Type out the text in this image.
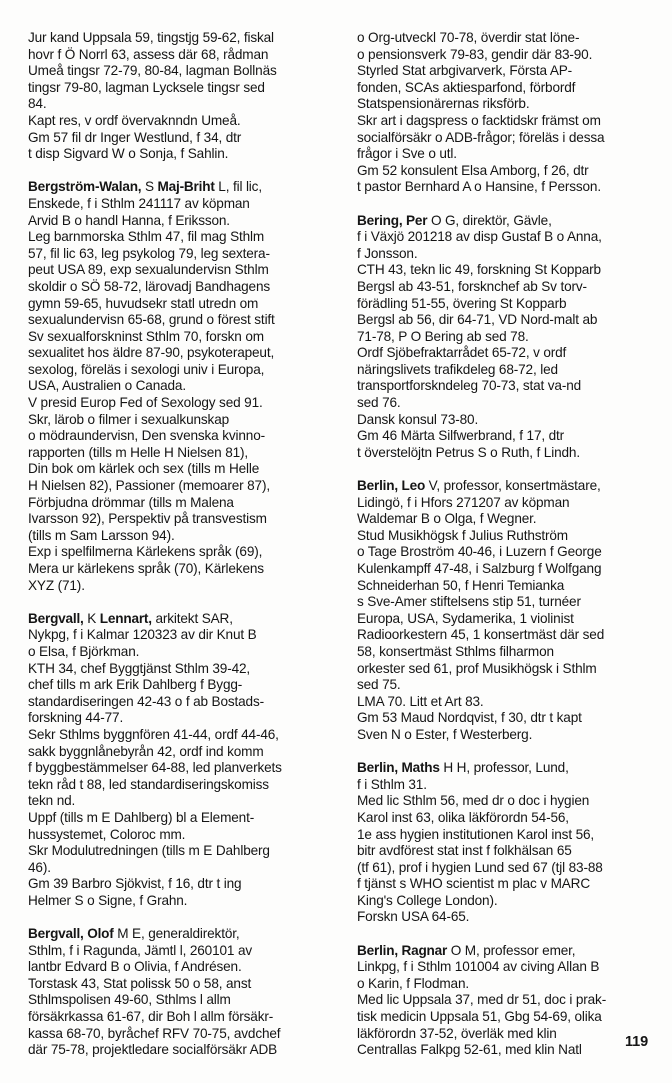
Jur kand Uppsala 59, tingstjg 59-62, fiskal
hovr f Ö Norrl 63, assess där 68, rådman
Umeå tingsr 72-79, 80-84, lagman Bollnäs
tingsr 79-80, lagman Lycksele tingsr sed
84.
Kapt res, v ordf övervaknndn Umeå.
Gm 57 fil dr Inger Westlund, f 34, dtr
t disp Sigvard W o Sonja, f Sahlin.
Bergström-Walan, S Maj-Briht L, fil lic,
Enskede, f i Sthlm 241117 av köpman
Arvid B o handl Hanna, f Eriksson.
Leg barnmorska Sthlm 47, fil mag Sthlm
57, fil lic 63, leg psykolog 79, leg sextera-
peut USA 89, exp sexualundervisn Sthlm
skoldir o SÖ 58-72, lärovadj Bandhagens
gymn 59-65, huvudsekr statl utredn om
sexualundervisn 65-68, grund o förest stift
Sv sexualforskninst Sthlm 70, forskn om
sexualitet hos äldre 87-90, psykoterapeut,
sexolog, föreläs i sexologi univ i Europa,
USA, Australien o Canada.
V presid Europ Fed of Sexology sed 91.
Skr, lärob o filmer i sexualkunskap
o mödraundervisn, Den svenska kvinno-
rapporten (tills m Helle H Nielsen 81),
Din bok om kärlek och sex (tills m Helle
H Nielsen 82), Passioner (memoarer 87),
Förbjudna drömmar (tills m Malena
Ivarsson 92), Perspektiv på transvestism
(tills m Sam Larsson 94).
Exp i spelfilmerna Kärlekens språk (69),
Mera ur kärlekens språk (70), Kärlekens
XYZ (71).
Bergvall, K Lennart, arkitekt SAR,
Nykpg, f i Kalmar 120323 av dir Knut B
o Elsa, f Björkman.
KTH 34, chef Byggtjänst Sthlm 39-42,
chef tills m ark Erik Dahlberg f Bygg-
standardiseringen 42-43 o f ab Bostads-
forskning 44-77.
Sekr Sthlms byggnfören 41-44, ordf 44-46,
sakk byggnlånebyrån 42, ordf ind komm
f byggbestämmelser 64-88, led planverkets
tekn råd t 88, led standardiseringskomiss
tekn nd.
Uppf (tills m E Dahlberg) bl a Element-
hussystemet, Coloroc mm.
Skr Modulutredningen (tills m E Dahlberg
46).
Gm 39 Barbro Sjökvist, f 16, dtr t ing
Helmer S o Signe, f Grahn.
Bergvall, Olof M E, generaldirektör,
Sthlm, f i Ragunda, Jämtl l, 260101 av
lantbr Edvard B o Olivia, f Andrésen.
Torstask 43, Stat polissk 50 o 58, anst
Sthlmspolisen 49-60, Sthlms l allm
försäkrkassa 61-67, dir Boh l allm försäkr-
kassa 68-70, byråchef RFV 70-75, avdchef
där 75-78, projektledare socialförsäkr ADB
o Org-utveckl 70-78, överdir stat löne-
o pensionsverk 79-83, gendir där 83-90.
Styrled Stat arbgivarverk, Första AP-
fonden, SCAs aktiesparfond, förbordf
Statspensionärernas riksförb.
Skr art i dagspress o facktidskr främst om
socialförsäkr o ADB-frågor; föreläs i dessa
frågor i Sve o utl.
Gm 52 konsulent Elsa Amborg, f 26, dtr
t pastor Bernhard A o Hansine, f Persson.
Bering, Per O G, direktör, Gävle,
f i Växjö 201218 av disp Gustaf B o Anna,
f Jonsson.
CTH 43, tekn lic 49, forskning St Kopparb
Bergsl ab 43-51, forsknchef ab Sv torv-
förädling 51-55, övering St Kopparb
Bergsl ab 56, dir 64-71, VD Nord-malt ab
71-78, P O Bering ab sed 78.
Ordf Sjöbefraktarrådet 65-72, v ordf
näringslivets trafikdeleg 68-72, led
transportforskndeleg 70-73, stat va-nd
sed 76.
Dansk konsul 73-80.
Gm 46 Märta Silfwerbrand, f 17, dtr
t överstelöjtn Petrus S o Ruth, f Lindh.
Berlin, Leo V, professor, konsertmästare,
Lidingö, f i Hfors 271207 av köpman
Waldemar B o Olga, f Wegner.
Stud Musikhögsk f Julius Ruthström
o Tage Broström 40-46, i Luzern f George
Kulenkampff 47-48, i Salzburg f Wolfgang
Schneiderhan 50, f Henri Temianka
s Sve-Amer stiftelsens stip 51, turnéer
Europa, USA, Sydamerika, 1 violinist
Radioorkestern 45, 1 konsertmäst där sed
58, konsertmäst Sthlms filharmon
orkester sed 61, prof Musikhögsk i Sthlm
sed 75.
LMA 70. Litt et Art 83.
Gm 53 Maud Nordqvist, f 30, dtr t kapt
Sven N o Ester, f Westerberg.
Berlin, Maths H H, professor, Lund,
f i Sthlm 31.
Med lic Sthlm 56, med dr o doc i hygien
Karol inst 63, olika läkförordn 54-56,
1e ass hygien institutionen Karol inst 56,
bitr avdförest stat inst f folkhälsan 65
(tf 61), prof i hygien Lund sed 67 (tjl 83-88
f tjänst s WHO scientist m plac v MARC
King's College London).
Forskn USA 64-65.
Berlin, Ragnar O M, professor emer,
Linkpg, f i Sthlm 101004 av civing Allan B
o Karin, f Flodman.
Med lic Uppsala 37, med dr 51, doc i prak-
tisk medicin Uppsala 51, Gbg 54-69, olika
läkförordn 37-52, överläk med klin
Centrallas Falkpg 52-61, med klin Natl	119
